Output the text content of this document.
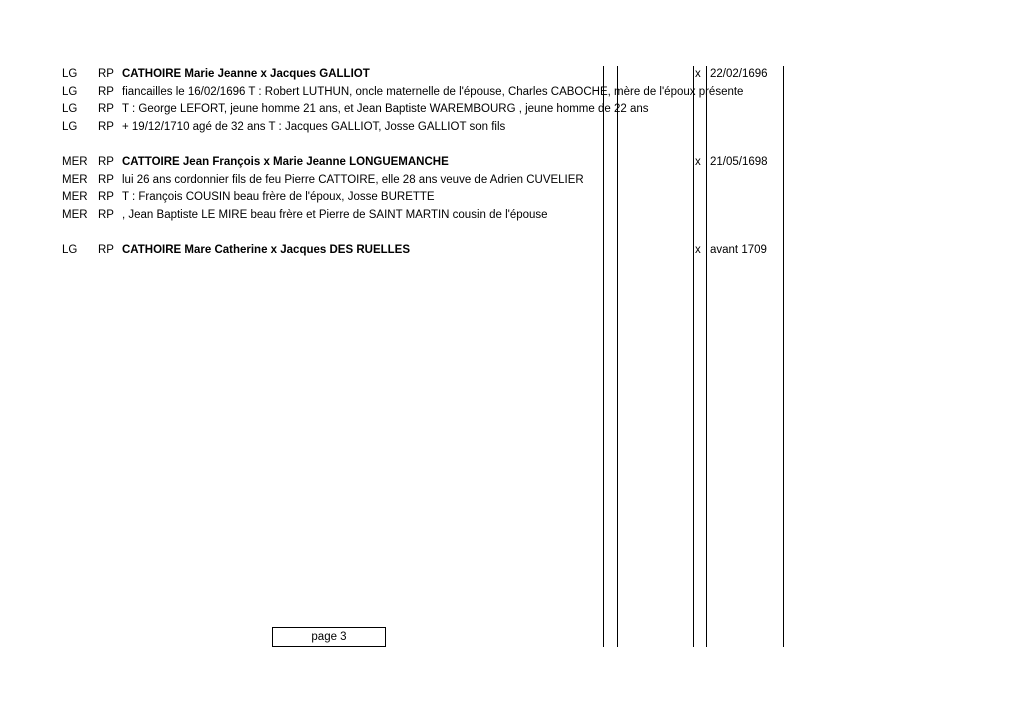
LG RP CATHOIRE Marie Jeanne x Jacques GALLIOT	x 22/02/1696
LG RP fiancailles le 16/02/1696 T : Robert LUTHUN, oncle maternelle de l'épouse, Charles CABOCHE, mère de l'époux présente
LG RP T : George LEFORT, jeune homme 21 ans, et Jean Baptiste WAREMBOURG , jeune homme de 22 ans
LG RP + 19/12/1710 agé de 32 ans T : Jacques GALLIOT, Josse GALLIOT son fils
MER RP CATTOIRE Jean François x Marie Jeanne LONGUEMANCHE	x 21/05/1698
MER RP lui 26 ans cordonnier fils de feu Pierre CATTOIRE, elle 28 ans veuve de Adrien CUVELIER
MER RP T : François COUSIN beau frère de l'époux, Josse BURETTE
MER RP , Jean Baptiste LE MIRE beau frère et Pierre de SAINT MARTIN cousin de l'épouse
LG RP CATHOIRE Mare Catherine x Jacques DES RUELLES	x avant 1709
page 3
